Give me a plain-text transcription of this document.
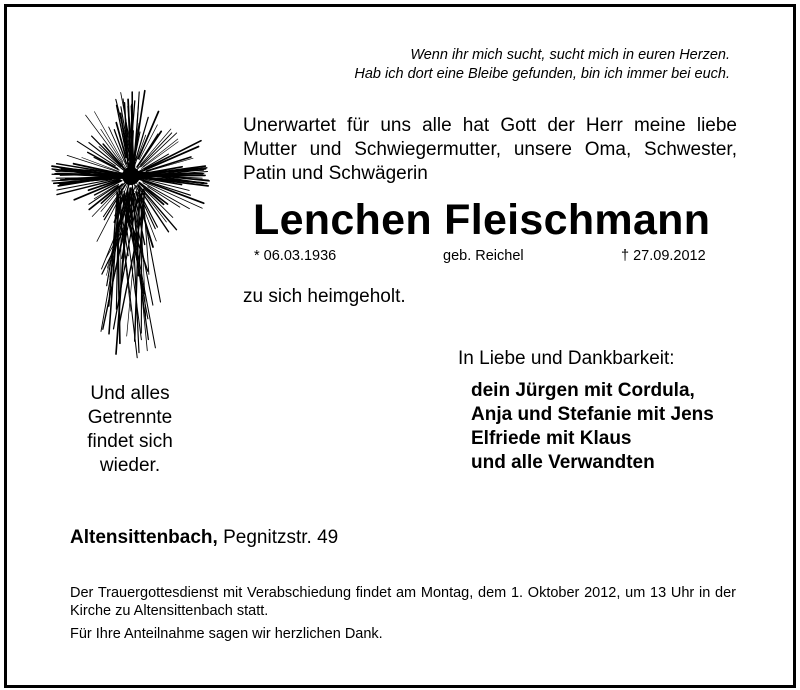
Wenn ihr mich sucht, sucht mich in euren Herzen.
Hab ich dort eine Bleibe gefunden, bin ich immer bei euch.
Unerwartet für uns alle hat Gott der Herr meine liebe Mutter und Schwiegermutter, unsere Oma, Schwester, Patin und Schwägerin
Lenchen Fleischmann
* 06.03.1936	geb. Reichel	† 27.09.2012
zu sich heimgeholt.
Und alles
Getrennte
findet sich
wieder.
In Liebe und Dankbarkeit:
dein Jürgen mit Cordula,
Anja und Stefanie mit Jens
Elfriede mit Klaus
und alle Verwandten
Altensittenbach, Pegnitzstr. 49
Der Trauergottesdienst mit Verabschiedung findet am Montag, dem 1. Oktober 2012, um 13 Uhr in der Kirche zu Altensittenbach statt.
Für Ihre Anteilnahme sagen wir herzlichen Dank.
